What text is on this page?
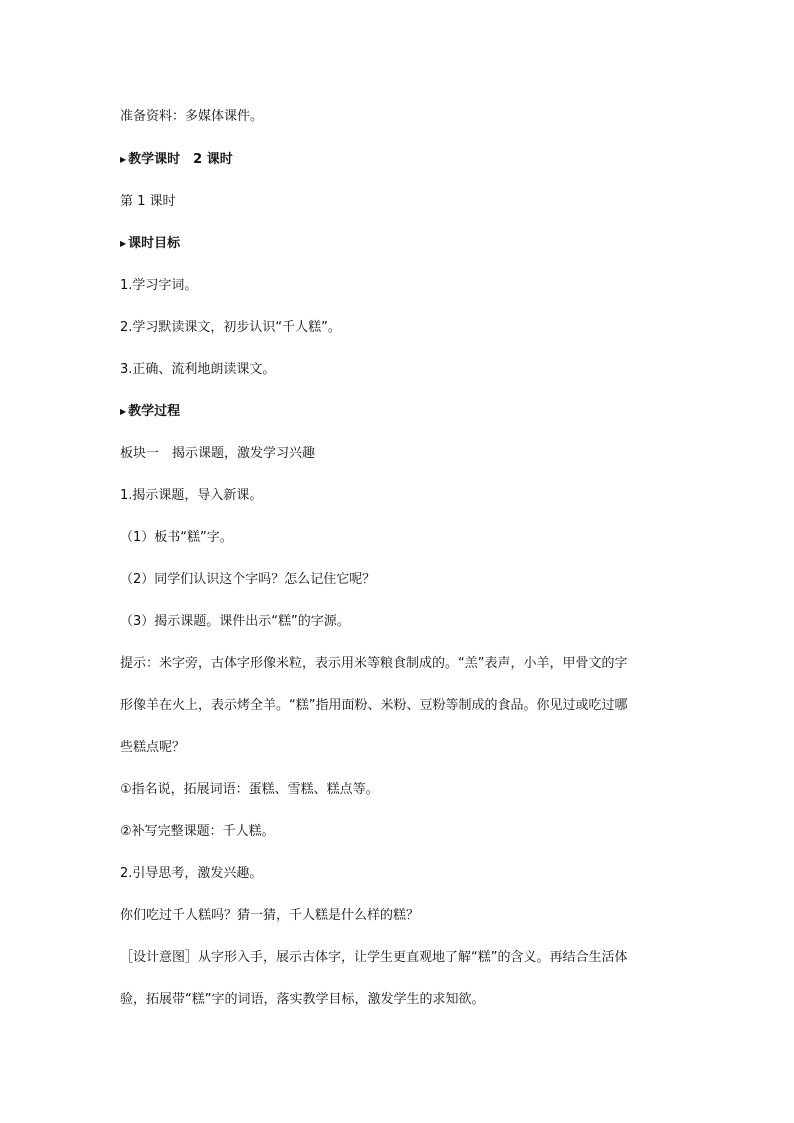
准备资料：多媒体课件。
▶ 教学课时　2 课时
第 1 课时
▶ 课时目标
1.学习字词。
2.学习默读课文，初步认识“千人糕”。
3.正确、流利地朗读课文。
▶ 教学过程
板块一　揭示课题，激发学习兴趣
1.揭示课题，导入新课。
（1）板书“糕”字。
（2）同学们认识这个字吗？怎么记住它呢？
（3）揭示课题。课件出示“糕”的字源。
提示：米字旁，古体字形像米粒，表示用米等粮食制成的。“羔”表声，小羊，甲骨文的字
形像羊在火上，表示烤全羊。“糕”指用面粉、米粉、豆粉等制成的食品。你见过或吃过哪
些糕点呢？
①指名说，拓展词语：蛋糕、雪糕、糕点等。
②补写完整课题：千人糕。
2.引导思考，激发兴趣。
你们吃过千人糕吗？猜一猜，千人糕是什么样的糕？
［设计意图］从字形入手，展示古体字，让学生更直观地了解“糕”的含义。再结合生活体
验，拓展带“糕”字的词语，落实教学目标，激发学生的求知欲。
